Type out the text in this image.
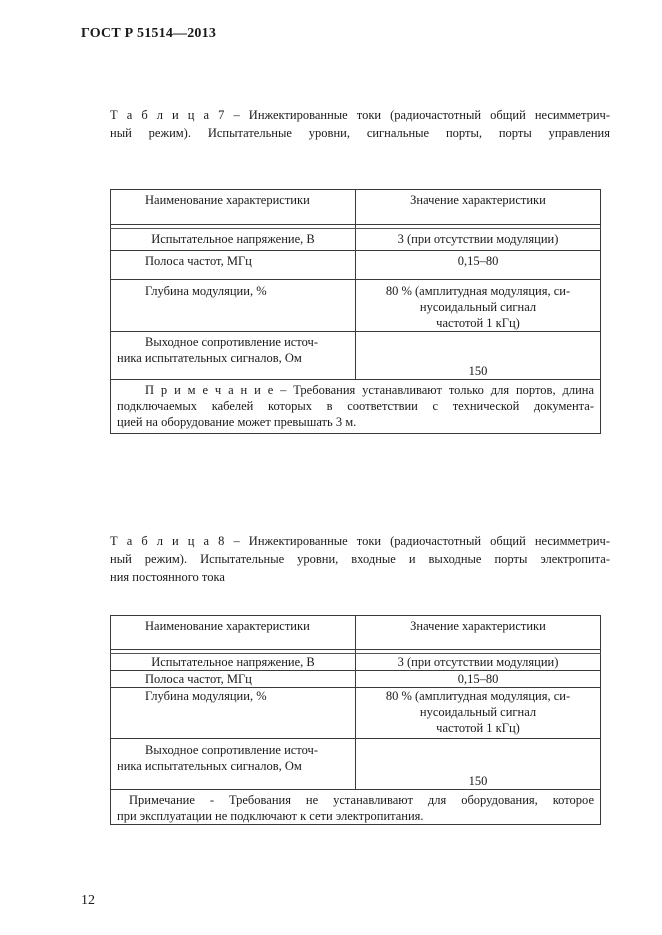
ГОСТ Р 51514—2013
Т а б л и ц а 7 – Инжектированные токи (радиочастотный общий несимметрич-
ный режим). Испытательные уровни, сигнальные порты, порты управления
Наименование характеристики	Значение характеристики

Испытательное напряжение, В	3 (при отсутствии модуляции)
Полоса частот, МГц	0,15–80
Глубина модуляции, %	80 % (амплитудная модуляция, си-
нусоидальный сигнал
частотой 1 кГц)

Выходное сопротивление источ-
ника испытательных сигналов, Ом	150

П р и м е ч а н и е – Требования устанавливают только для портов, длина
подключаемых кабелей которых в соответствии с технической документа-
цией на оборудование может превышать 3 м.	
Т а б л и ц а 8 – Инжектированные токи (радиочастотный общий несимметрич-
ный режим). Испытательные уровни, входные и выходные порты электропита-
ния постоянного тока
Наименование характеристики	Значение характеристики

Испытательное напряжение, В	3 (при отсутствии модуляции)
Полоса частот, МГц	0,15–80
Глубина модуляции, %	80 % (амплитудная модуляция, си-
нусоидальный сигнал
частотой 1 кГц)

Выходное сопротивление источ-
ника испытательных сигналов, Ом	150

Примечание - Требования не устанавливают для оборудования, которое
при эксплуатации не подключают к сети электропитания.	
12
